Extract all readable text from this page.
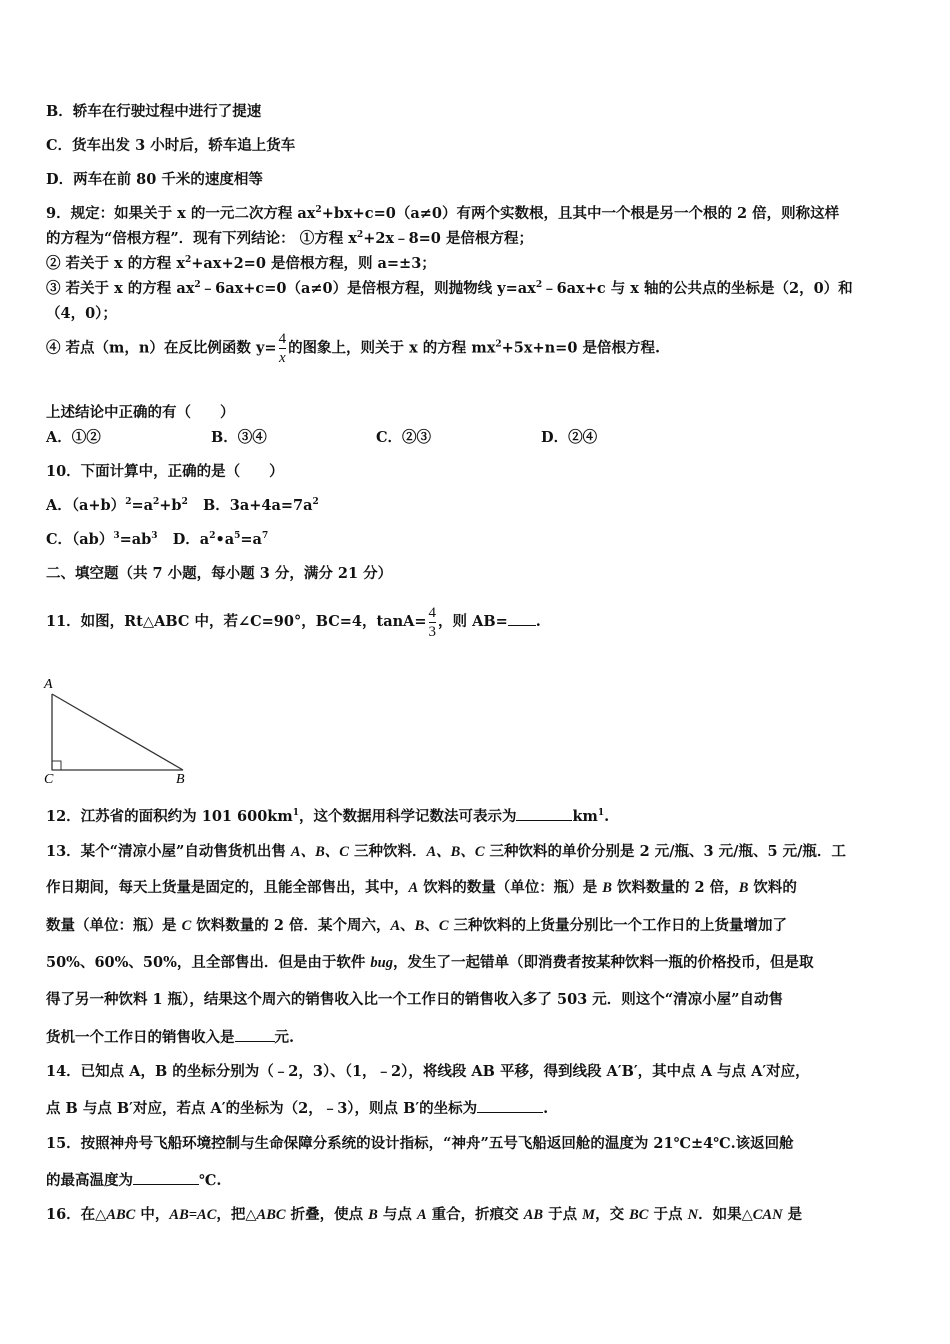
B．轿车在行驶过程中进行了提速
C．货车出发 3 小时后，轿车追上货车
D．两车在前 80 千米的速度相等
9．规定：如果关于 x 的一元二次方程 $ax^2+bx+c=0(a\ne 0)$有两个实数根，且其中一个根是另一个根的 2 倍，则称这样
的方程为“倍根方程”．现有下列结论： ①方程 $x^2+2x﹣8=0$ 是倍根方程；
② 若关于 x 的方程 $x^2+ax+2=0$ 是倍根方程，则 a=±3；
③ 若关于 x 的方程 $ax^2﹣6ax+c=0(a\ne 0)$是倍根方程，则抛物线 $y=ax^2﹣6ax+c$ 与 x 轴的公共点的坐标是（2，0）和
（4，0）；
④ 若点（m，n）在反比例函数 $y= \frac{4}{x}$ 的图象上，则关于 x 的方程 $mx^2+5x+n=0$ 是倍根方程.
上述结论中正确的有（　　）
A．①②	B．③④	C．②③	D．②④
10．下面计算中，正确的是（　　）
A．$(a+b)^2=a^2+b^2$ B．$3a+4a=7a^2$
C．$(ab)^3=ab^3$ D．$a^2•a^5=a^7$
二、填空题（共 7 小题，每小题 3 分，满分 21 分）
11．如图，Rt△ABC 中，若∠C=90°，BC=4，$\tan A= \frac{4}{3}$ ，则 AB= .
A
C	B
12．江苏省的面积约为 101 $600km^1$，这个数据用科学记数法可表示为	$km^1$.
13．某个“清凉小屋”自动售货机出售 A、B、C 三种饮料．A、B、C 三种饮料的单价分别是 2 元/瓶、3 元/瓶、5 元/瓶．工
作日期间，每天上货量是固定的，且能全部售出，其中，A 饮料的数量（单位：瓶）是 B 饮料数量的 2 倍，B 饮料的
数量（单位：瓶）是 C 饮料数量的 2 倍．某个周六，A、B、C 三种饮料的上货量分别比一个工作日的上货量增加了
50%、60%、50%，且全部售出．但是由于软件 bug，发生了一起错单（即消费者按某种饮料一瓶的价格投币，但是取
得了另一种饮料 1 瓶），结果这个周六的销售收入比一个工作日的销售收入多了 503 元．则这个“清凉小屋”自动售
货机一个工作日的销售收入是	元.
14．已知点 A，B 的坐标分别为（﹣2，3）、（1，﹣2），将线段 AB 平移，得到线段 A′B′，其中点 A 与点 A′对应，
点 B 与点 B′对应，若点 A′的坐标为（2，﹣3），则点 B′的坐标为	.
15．按照神舟号飞船环境控制与生命保障分系统的设计指标，“神舟”五号飞船返回舱的温度为 21℃±4℃.该返回舱
的最高温度为	℃.
16．在△ABC 中，AB=AC，把△ABC 折叠，使点 B 与点 A 重合，折痕交 AB 于点 M，交 BC 于点 N．如果△CAN 是
